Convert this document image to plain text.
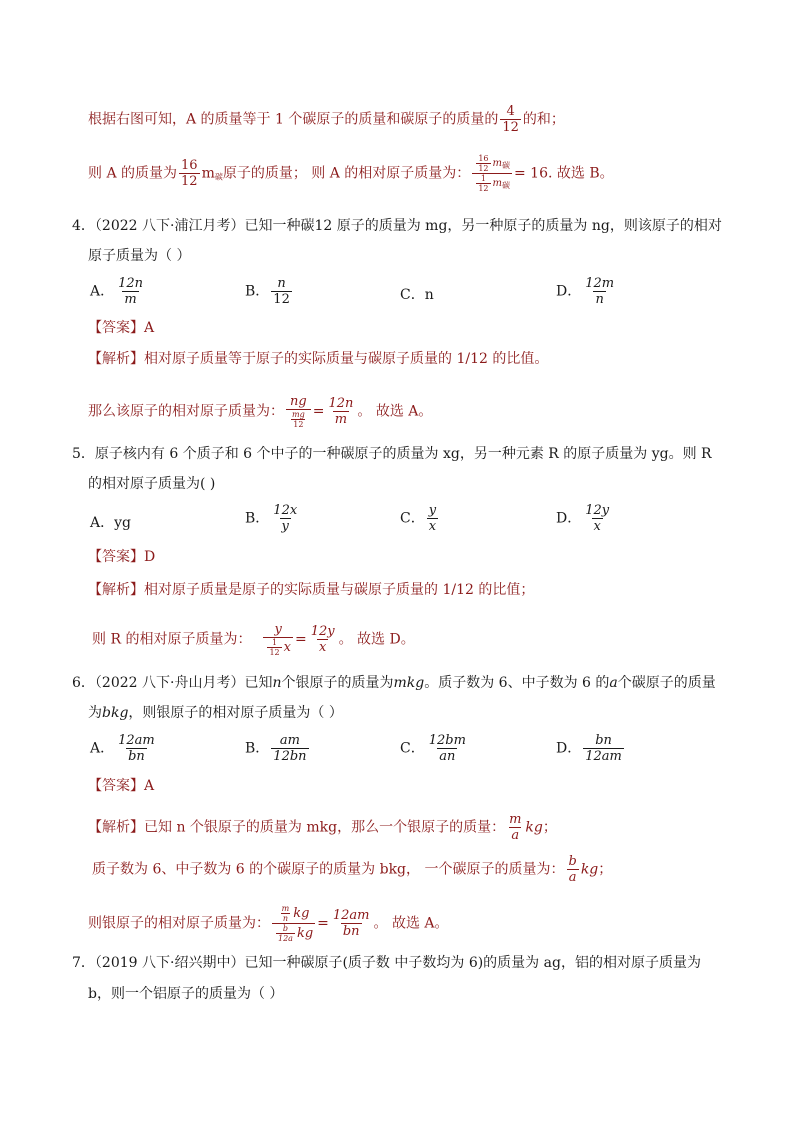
根据右图可知，A 的质量等于 1 个碳原子的质量和碳原子的质量的 $\frac{4}{12}$ 的和；
则 A 的质量为 $\frac{16}{12} m_碳$原子的质量； 则 A 的相对原子质量为： $\frac{\frac{16}{12} m_碳}{\frac{1}{12} m_碳} = 16$. 故选 B。
4．（2022 八下·浦江月考）已知一种碳12 原子的质量为 mg，另一种原子的质量为 ng，则该原子的相对
原子质量为（ ）
A． $\frac{12n}{m}$	B． $\frac{n}{12}$	C．n	D． $\frac{12m}{n}$
【答案】A
【解析】相对原子质量等于原子的实际质量与碳原子质量的 1/12 的比值。
那么该原子的相对原子质量为： $\frac{ng}{\frac{mg}{12}} = \frac{12n}{m}$ 。 故选 A。
5．原子核内有 6 个质子和 6 个中子的一种碳原子的质量为 xg，另一种元素 R 的原子质量为 yg。则 R
的相对原子质量为( )
A．yg	B． $\frac{12x}{y}$	C． $\frac{y}{x}$	D． $\frac{12y}{x}$
【答案】D
【解析】相对原子质量是原子的实际质量与碳原子质量的 1/12 的比值；
则 R 的相对原子质量为： $\frac{y}{\frac{1}{12} x} = \frac{12y}{x}$ 。 故选 D。
6．（2022 八下·舟山月考）已知n个银原子的质量为mkg。质子数为 6、中子数为 6 的a个碳原子的质量
为bkg，则银原子的相对原子质量为（ ）
A． $\frac{12am}{bn}$	B． $\frac{am}{12bn}$	C． $\frac{12bm}{an}$	D． $\frac{bn}{12am}$
【答案】A
【解析】已知 n 个银原子的质量为 mkg，那么一个银原子的质量： $\frac{m}{a}$ kg；
质子数为 6、中子数为 6 的个碳原子的质量为 bkg， 一个碳原子的质量为： $\frac{b}{a}$ kg；
则银原子的相对原子质量为： $\frac{\frac{m}{n} kg}{\frac{b}{12a} kg} = \frac{12am}{bn}$ 。 故选 A。
7．（2019 八下·绍兴期中）已知一种碳原子(质子数 中子数均为 6)的质量为 ag，铝的相对原子质量为
b，则一个铝原子的质量为（ ）
